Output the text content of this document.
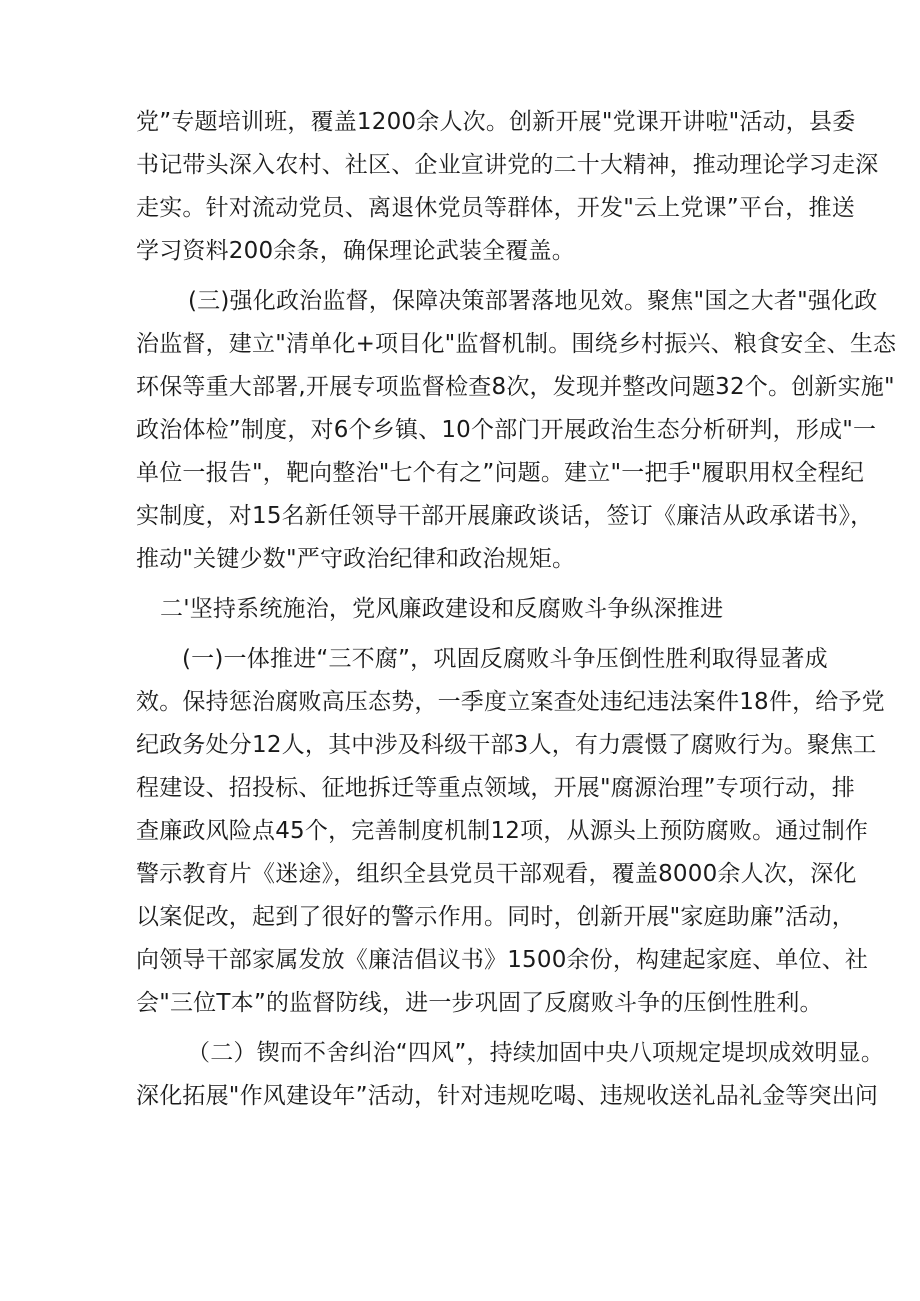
党”专题培训班，覆盖1200余人次。创新开展"党课开讲啦"活动，县委

书记带头深入农村、社区、企业宣讲党的二十大精神，推动理论学习走深

走实。针对流动党员、离退休党员等群体，开发"云上党课”平台，推送

学习资料200余条，确保理论武装全覆盖。

(三)强化政治监督，保障决策部署落地见效。聚焦"国之大者"强化政

治监督，建立"清单化+项目化"监督机制。围绕乡村振兴、粮食安全、生态

环保等重大部署,开展专项监督检查8次，发现并整改问题32个。创新实施"

政治体检”制度，对6个乡镇、10个部门开展政治生态分析研判，形成"一

单位一报告"，靶向整治"七个有之”问题。建立"一把手"履职用权全程纪

实制度，对15名新任领导干部开展廉政谈话，签订《廉洁从政承诺书》，

推动"关键少数"严守政治纪律和政治规矩。

二'坚持系统施治，党风廉政建设和反腐败斗争纵深推进

(一)一体推进“三不腐”，巩固反腐败斗争压倒性胜利取得显著成

效。保持惩治腐败高压态势，一季度立案查处违纪违法案件18件，给予党

纪政务处分12人，其中涉及科级干部3人，有力震慑了腐败行为。聚焦工

程建设、招投标、征地拆迁等重点领域，开展"腐源治理”专项行动，排

查廉政风险点45个，完善制度机制12项，从源头上预防腐败。通过制作

警示教育片《迷途》，组织全县党员干部观看，覆盖8000余人次，深化

以案促改，起到了很好的警示作用。同时，创新开展"家庭助廉”活动，

向领导干部家属发放《廉洁倡议书》1500余份，构建起家庭、单位、社

会"三位T本”的监督防线，进一步巩固了反腐败斗争的压倒性胜利。

（二）锲而不舍纠治“四风”，持续加固中央八项规定堤坝成效明显。

深化拓展"作风建设年”活动，针对违规吃喝、违规收送礼品礼金等突出问
